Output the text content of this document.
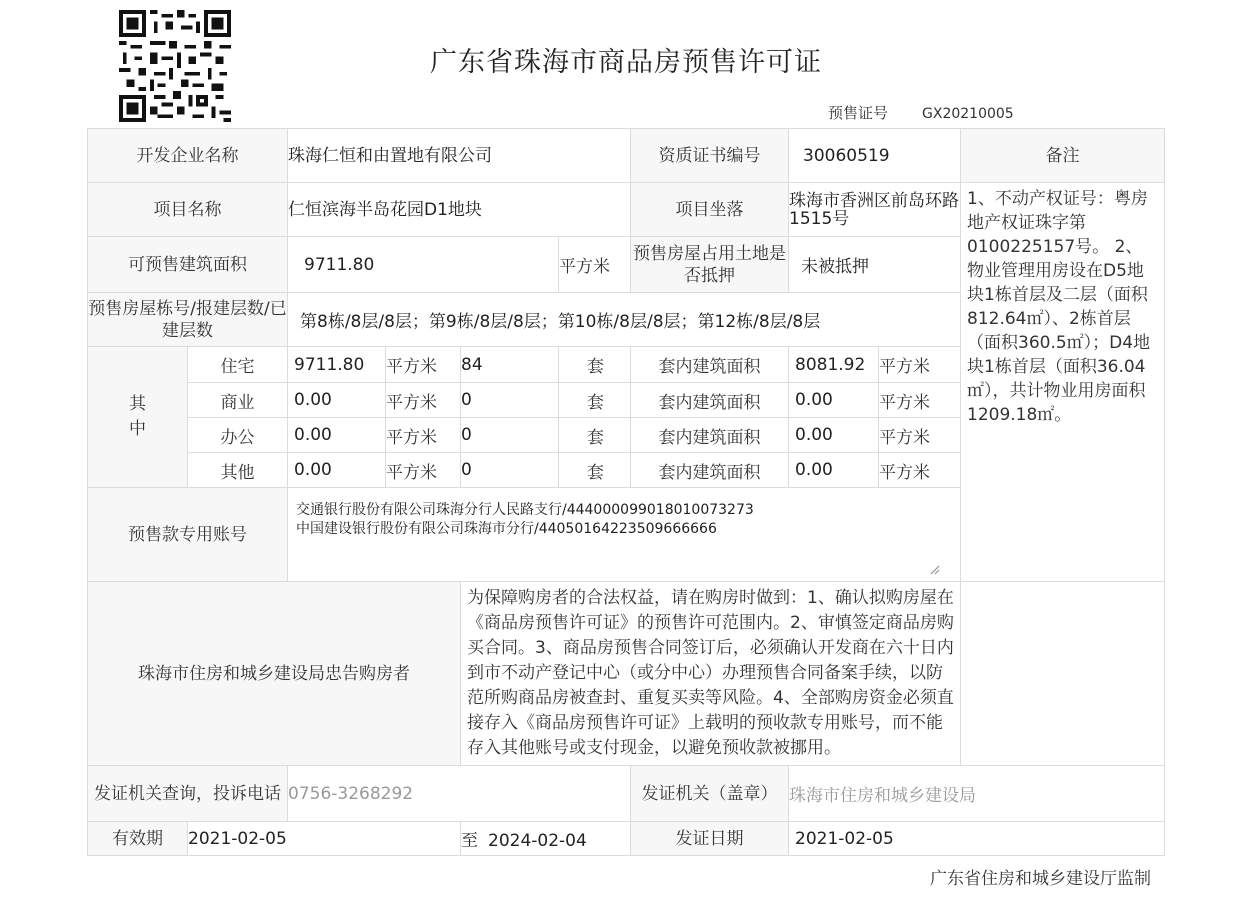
广东省珠海市商品房预售许可证
预售证号 GX20210005
开发企业名称		珠海仁恒和由置地有限公司				资质证书编号	30060519		备注
项目名称		仁恒滨海半岛花园D1地块				项目坐落	珠海市香洲区前岛环路1515号		1、不动产权证号：粤房地产权证珠字第0100225157号。 2、物业管理用房设在D5地块1栋首层及二层（面积812.64㎡）、2栋首层（面积360.5㎡）；D4地块1栋首层（面积36.04㎡），共计物业用房面积1209.18㎡。
可预售建筑面积		9711.80			平方米	预售房屋占用土地是否抵押	未被抵押		
预售房屋栋号/报建层数/已建层数		第8栋/8层/8层；第9栋/8层/8层；第10栋/8层/8层；第12栋/8层/8层							
其中	住宅	9711.80	平方米	84	套	套内建筑面积	8081.92	平方米	
	商业	0.00	平方米	0	套	套内建筑面积	0.00	平方米	
	办公	0.00	平方米	0	套	套内建筑面积	0.00	平方米	
	其他	0.00	平方米	0	套	套内建筑面积	0.00	平方米	
预售款专用账号		交通银行股份有限公司珠海分行人民路支行/444000099018010073273
中国建设银行股份有限公司珠海市分行/44050164223509666666							

珠海市住房和城乡建设局忠告购房者				为保障购房者的合法权益，请在购房时做到：1、确认拟购房屋在《商品房预售许可证》的预售许可范围内。2、审慎签定商品房购买合同。3、商品房预售合同签订后，必须确认开发商在六十日内到市不动产登记中心（或分中心）办理预售合同备案手续，以防范所购商品房被查封、重复买卖等风险。4、全部购房资金必须直接存入《商品房预售许可证》上载明的预收款专用账号，而不能存入其他账号或支付现金，以避免预收款被挪用。					
发证机关查询，投诉电话		0756-3268292				发证机关（盖章）	珠海市住房和城乡建设局		
有效期	2021-02-05			至 2024-02-04		发证日期	2021-02-05		
广东省住房和城乡建设厅监制
